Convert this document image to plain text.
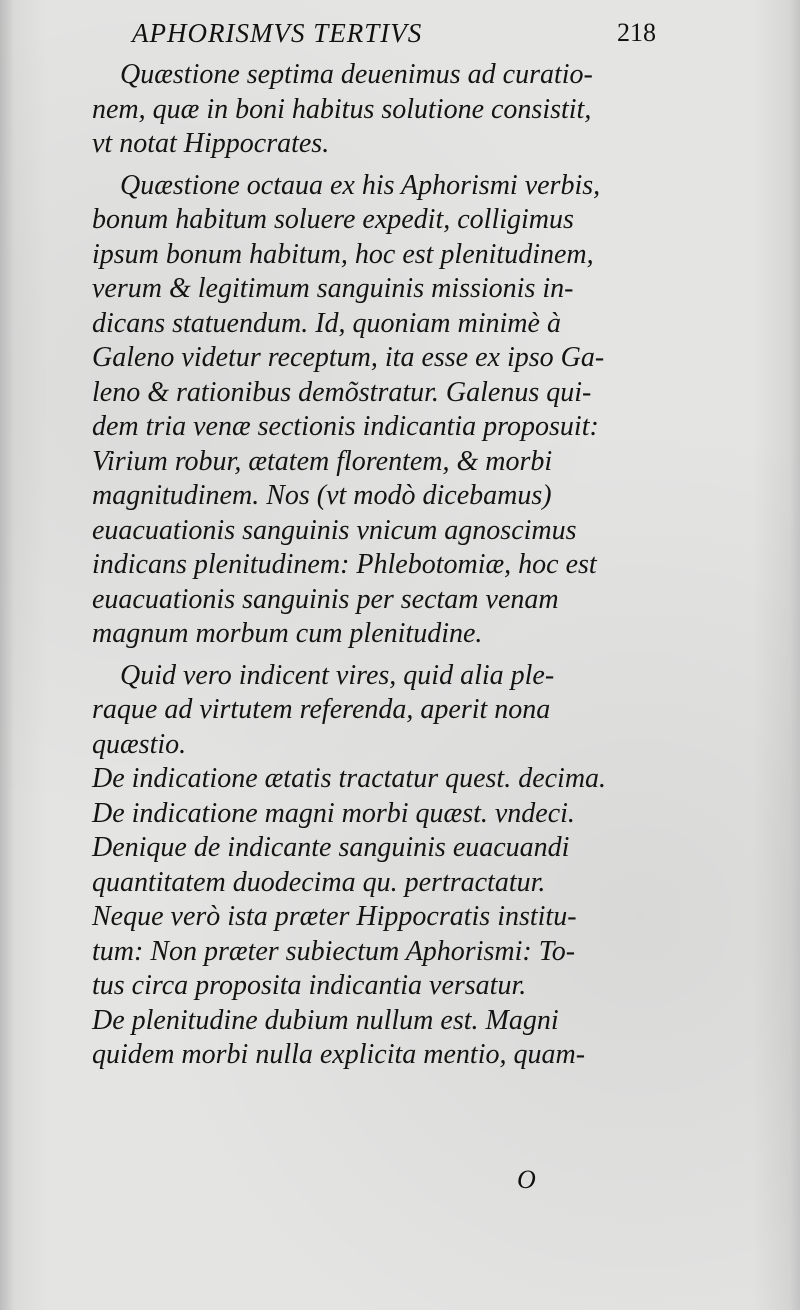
APHORISMVS TERTIVS	218
Quæstione septima deuenimus ad curatio-
nem, quæ in boni habitus solutione consistit,
vt notat Hippocrates.
Quæstione octaua ex his Aphorismi verbis,
bonum habitum soluere expedit, colligimus
ipsum bonum habitum, hoc est plenitudinem,
verum & legitimum sanguinis missionis in-
dicans statuendum. Id, quoniam minimè à
Galeno videtur receptum, ita esse ex ipso Ga-
leno & rationibus demõstratur. Galenus qui-
dem tria venæ sectionis indicantia proposuit:
Virium robur, ætatem florentem, & morbi
magnitudinem. Nos (vt modò dicebamus)
euacuationis sanguinis vnicum agnoscimus
indicans plenitudinem: Phlebotomiæ, hoc est
euacuationis sanguinis per sectam venam
magnum morbum cum plenitudine.
Quid vero indicent vires, quid alia ple-
raque ad virtutem referenda, aperit nona
quæstio.
De indicatione ætatis tractatur quest. decima.
De indicatione magni morbi quæst. vndeci.
Denique de indicante sanguinis euacuandi
quantitatem duodecima qu. pertractatur.
Neque verò ista præter Hippocratis institu-
tum: Non præter subiectum Aphorismi: To-
tus circa proposita indicantia versatur.
De plenitudine dubium nullum est. Magni
quidem morbi nulla explicita mentio, quam-
O
